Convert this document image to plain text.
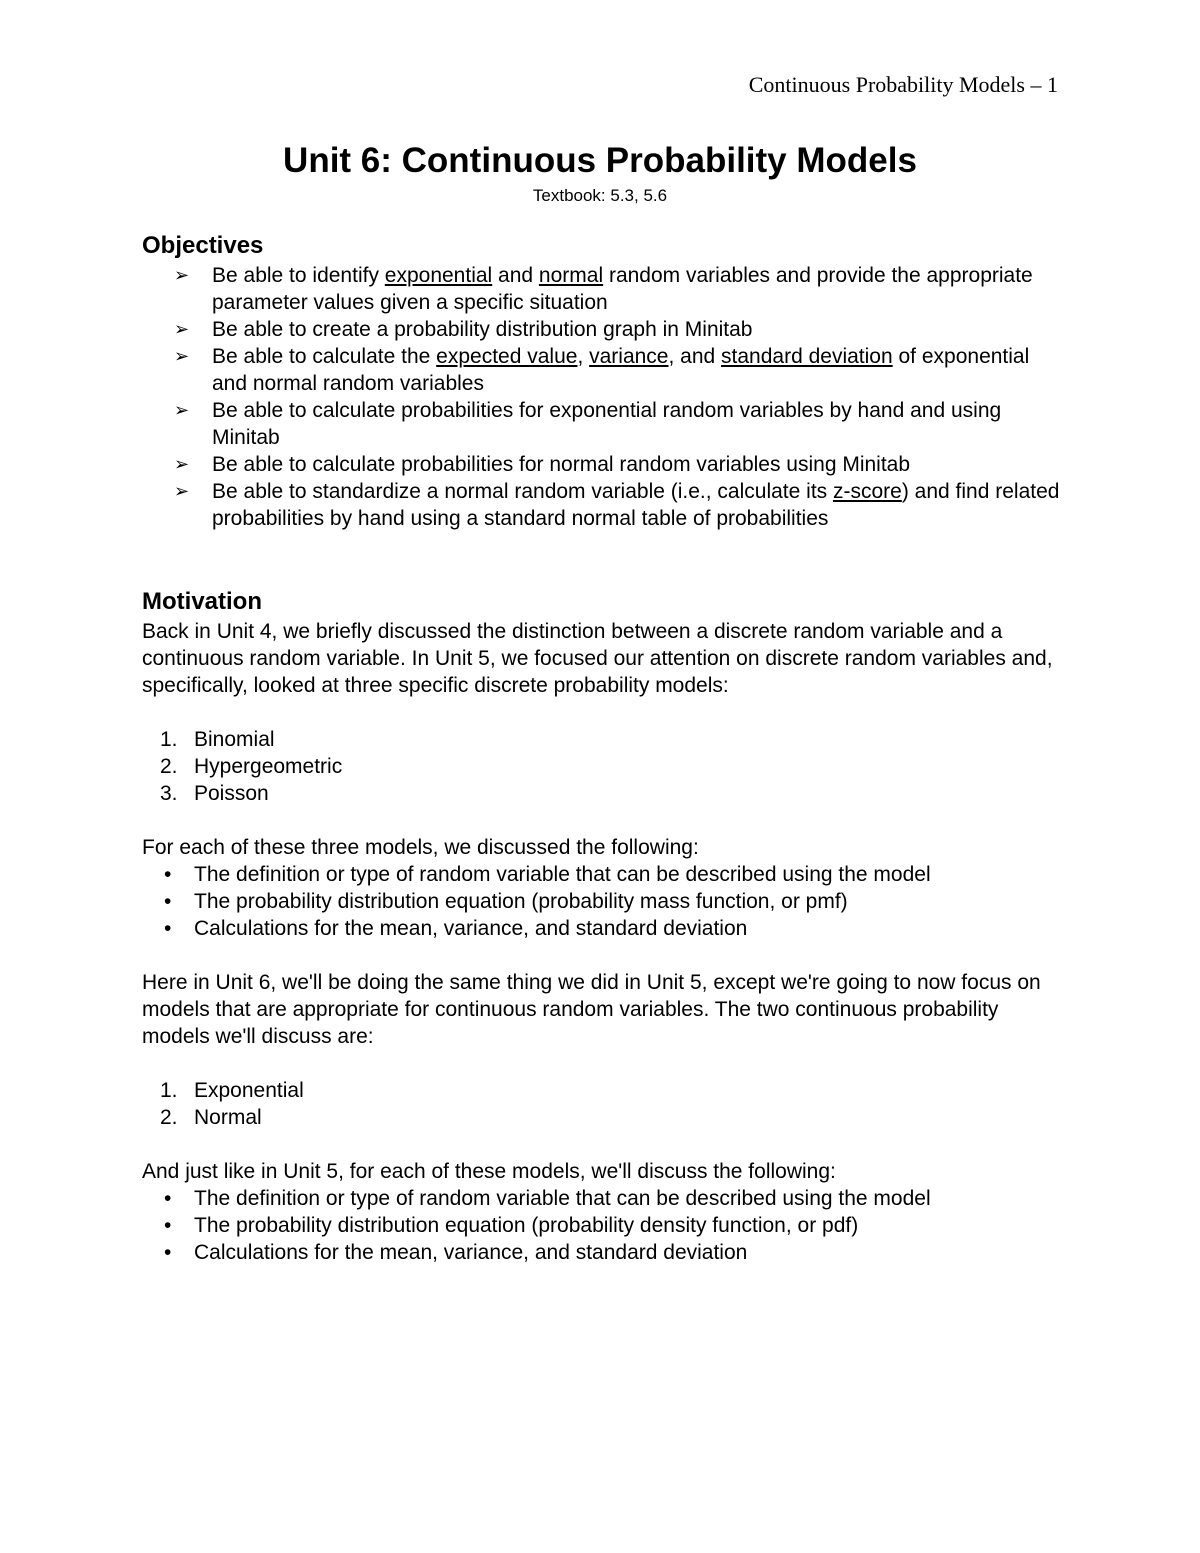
Continuous Probability Models – 1
Unit 6: Continuous Probability Models

Textbook: 5.3, 5.6

Objectives
➢ Be able to identify exponential and normal random variables and provide the appropriate parameter values given a specific situation
➢ Be able to create a probability distribution graph in Minitab
➢ Be able to calculate the expected value, variance, and standard deviation of exponential and normal random variables
➢ Be able to calculate probabilities for exponential random variables by hand and using Minitab
➢ Be able to calculate probabilities for normal random variables using Minitab
➢ Be able to standardize a normal random variable (i.e., calculate its z-score) and find related probabilities by hand using a standard normal table of probabilities
Motivation

Back in Unit 4, we briefly discussed the distinction between a discrete random variable and a continuous random variable. In Unit 5, we focused our attention on discrete random variables and, specifically, looked at three specific discrete probability models:

1. Binomial
2. Hypergeometric
3. Poisson

For each of these three models, we discussed the following:

• The definition or type of random variable that can be described using the model
• The probability distribution equation (probability mass function, or pmf)
• Calculations for the mean, variance, and standard deviation

Here in Unit 6, we'll be doing the same thing we did in Unit 5, except we're going to now focus on models that are appropriate for continuous random variables. The two continuous probability models we'll discuss are:

1. Exponential
2. Normal

And just like in Unit 5, for each of these models, we'll discuss the following:

• The definition or type of random variable that can be described using the model
• The probability distribution equation (probability density function, or pdf)
• Calculations for the mean, variance, and standard deviation
